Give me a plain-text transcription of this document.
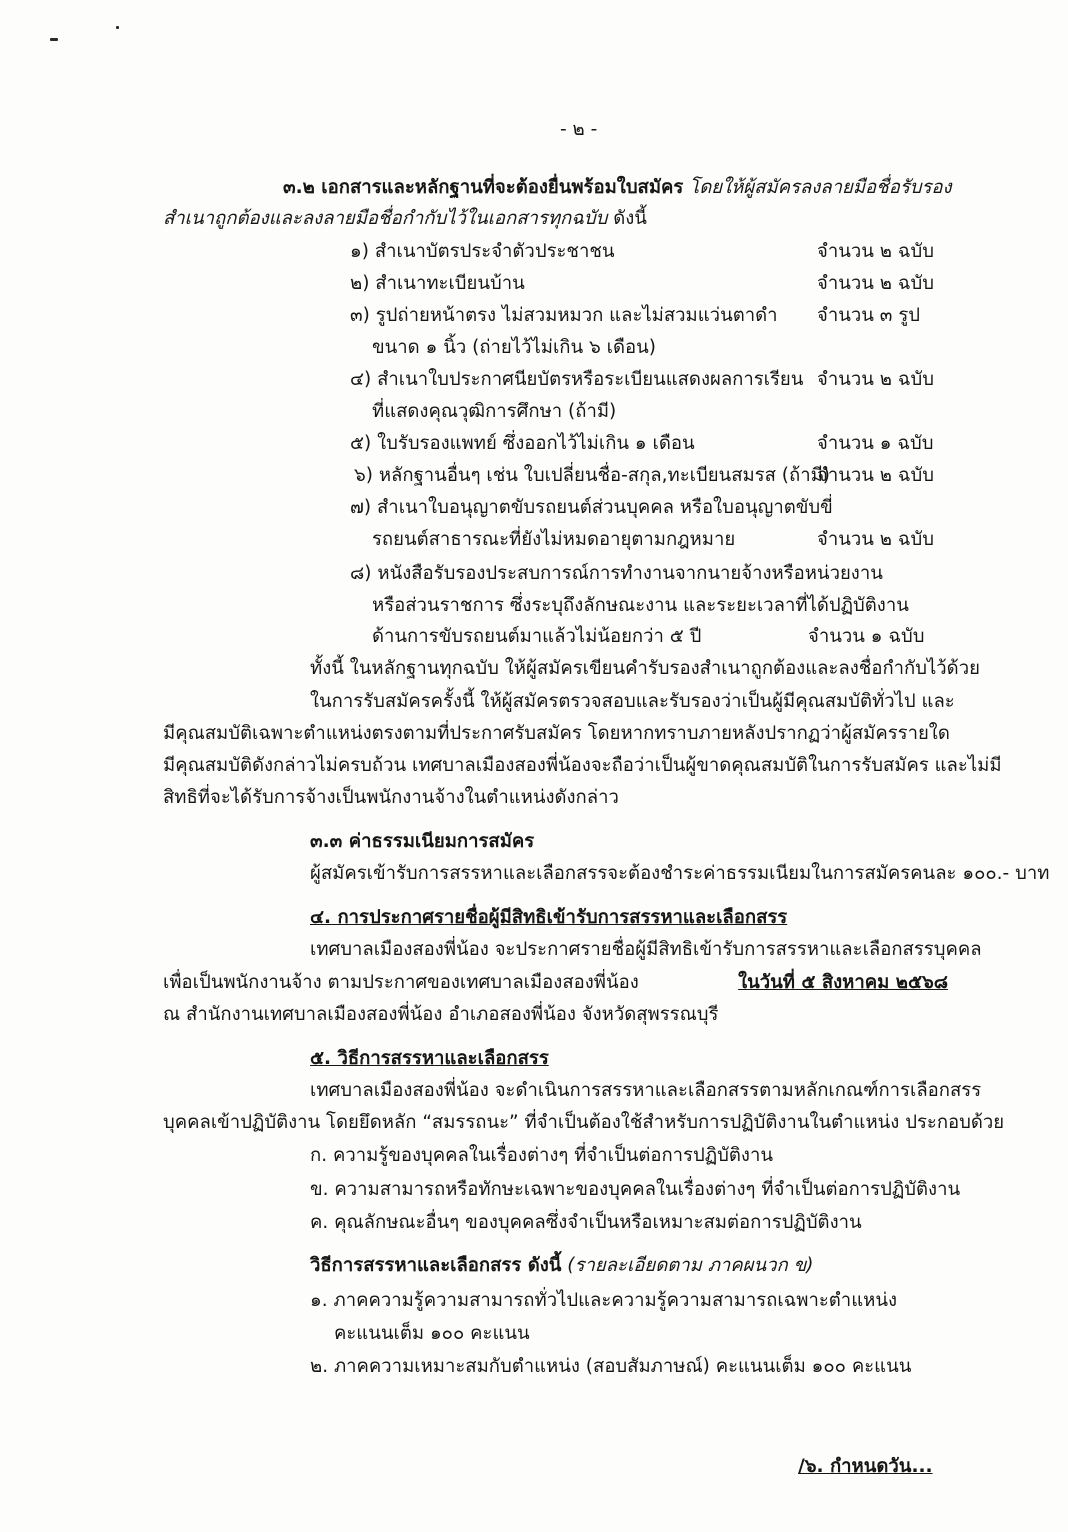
- ๒ -
๓.๒ เอกสารและหลักฐานที่จะต้องยื่นพร้อมใบสมัคร โดยให้ผู้สมัครลงลายมือชื่อรับรอง
สำเนาถูกต้องและลงลายมือชื่อกำกับไว้ในเอกสารทุกฉบับ ดังนี้
๑) สำเนาบัตรประจำตัวประชาชน	จำนวน ๒ ฉบับ
๒) สำเนาทะเบียนบ้าน	จำนวน ๒ ฉบับ
๓) รูปถ่ายหน้าตรง ไม่สวมหมวก และไม่สวมแว่นตาดำ จำนวน ๓ รูป
ขนาด ๑ นิ้ว (ถ่ายไว้ไม่เกิน ๖ เดือน)
๔) สำเนาใบประกาศนียบัตรหรือระเบียนแสดงผลการเรียน จำนวน ๒ ฉบับ
ที่แสดงคุณวุฒิการศึกษา (ถ้ามี)
๕) ใบรับรองแพทย์ ซึ่งออกไว้ไม่เกิน ๑ เดือน	จำนวน ๑ ฉบับ
๖) หลักฐานอื่นๆ เช่น ใบเปลี่ยนชื่อ-สกุล,ทะเบียนสมรส (ถ้ามี)
จำนวน ๒ ฉบับ
๗) สำเนาใบอนุญาตขับรถยนต์ส่วนบุคคล หรือใบอนุญาตขับขี่
รถยนต์สาธารณะที่ยังไม่หมดอายุตามกฎหมาย	จำนวน ๒ ฉบับ
๘) หนังสือรับรองประสบการณ์การทำงานจากนายจ้างหรือหน่วยงาน
หรือส่วนราชการ ซึ่งระบุถึงลักษณะงาน และระยะเวลาที่ได้ปฏิบัติงาน
ด้านการขับรถยนต์มาแล้วไม่น้อยกว่า ๕ ปี	จำนวน ๑ ฉบับ
ทั้งนี้ ในหลักฐานทุกฉบับ ให้ผู้สมัครเขียนคำรับรองสำเนาถูกต้องและลงชื่อกำกับไว้ด้วย
ในการรับสมัครครั้งนี้ ให้ผู้สมัครตรวจสอบและรับรองว่าเป็นผู้มีคุณสมบัติทั่วไป และ
มีคุณสมบัติเฉพาะตำแหน่งตรงตามที่ประกาศรับสมัคร โดยหากทราบภายหลังปรากฏว่าผู้สมัครรายใด
มีคุณสมบัติดังกล่าวไม่ครบถ้วน เทศบาลเมืองสองพี่น้องจะถือว่าเป็นผู้ขาดคุณสมบัติในการรับสมัคร และไม่มี
สิทธิที่จะได้รับการจ้างเป็นพนักงานจ้างในตำแหน่งดังกล่าว
๓.๓ ค่าธรรมเนียมการสมัคร
ผู้สมัครเข้ารับการสรรหาและเลือกสรรจะต้องชำระค่าธรรมเนียมในการสมัครคนละ ๑๐๐.- บาท
๔. การประกาศรายชื่อผู้มีสิทธิเข้ารับการสรรหาและเลือกสรร
เทศบาลเมืองสองพี่น้อง จะประกาศรายชื่อผู้มีสิทธิเข้ารับการสรรหาและเลือกสรรบุคคล
เพื่อเป็นพนักงานจ้าง ตามประกาศของเทศบาลเมืองสองพี่น้อง	ในวันที่ ๕ สิงหาคม ๒๕๖๘
ณ สำนักงานเทศบาลเมืองสองพี่น้อง อำเภอสองพี่น้อง จังหวัดสุพรรณบุรี
๕. วิธีการสรรหาและเลือกสรร
เทศบาลเมืองสองพี่น้อง จะดำเนินการสรรหาและเลือกสรรตามหลักเกณฑ์การเลือกสรร
บุคคลเข้าปฏิบัติงาน โดยยึดหลัก “สมรรถนะ” ที่จำเป็นต้องใช้สำหรับการปฏิบัติงานในตำแหน่ง ประกอบด้วย
ก. ความรู้ของบุคคลในเรื่องต่างๆ ที่จำเป็นต่อการปฏิบัติงาน
ข. ความสามารถหรือทักษะเฉพาะของบุคคลในเรื่องต่างๆ ที่จำเป็นต่อการปฏิบัติงาน
ค. คุณลักษณะอื่นๆ ของบุคคลซึ่งจำเป็นหรือเหมาะสมต่อการปฏิบัติงาน
วิธีการสรรหาและเลือกสรร ดังนี้ (รายละเอียดตาม ภาคผนวก ข)
๑. ภาคความรู้ความสามารถทั่วไปและความรู้ความสามารถเฉพาะตำแหน่ง
คะแนนเต็ม ๑๐๐ คะแนน
๒. ภาคความเหมาะสมกับตำแหน่ง (สอบสัมภาษณ์) คะแนนเต็ม ๑๐๐ คะแนน
/๖. กำหนดวัน...
